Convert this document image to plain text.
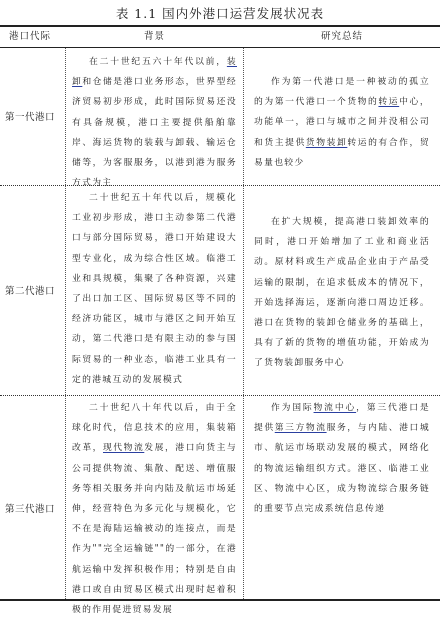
表 1.1 国内外港口运营发展状况表
港口代际	背景	研究总结
第一代港口
第二代港口
第三代港口
在二十世纪五六十年代以前，装卸和仓储是港口业务形态，世界型经济贸易初步形成，此时国际贸易还没有具备规模，港口主要提供船舶靠岸、海运货物的装载与卸载、输运仓储等，为客服服务，以港到港为服务方式为主
作为第一代港口是一种被动的孤立的为第一代港口一个货物的转运中心，功能单一，港口与城市之间并没相公司和货主提供货物装卸转运的有合作，贸易量也较少
二十世纪五十年代以后，规模化工业初步形成，港口主动参第二代港口与部分国际贸易，港口开始建设大型专业化，成为综合性区域。临港工业和具规模，集聚了各种资源，兴建了出口加工区、国际贸易区等不同的经济功能区，城市与港区之间开始互动，第二代港口是有限主动的参与国际贸易的一种业态，临港工业具有一定的港城互动的发展模式
在扩大规模，提高港口装卸效率的同时，港口开始增加了工业和商业活动。原材料或生产成品企业由于产品受运输的限制，在追求低成本的情况下，开始选择海运，逐渐向港口周边迁移。港口在货物的装卸仓储业务的基础上，具有了新的货物的增值功能，开始成为了货物装卸服务中心
二十世纪八十年代以后，由于全球化时代，信息技术的应用，集装箱改革，现代物流发展，港口向货主与公司提供物流、集散、配送、增值服务等相关服务并向内陆及航运市场延伸，经营特色为多元化与规模化，它不在是海陆运输被动的连接点，而是作为""完全运输链""的一部分，在港航运输中发挥积极作用；特别是自由港口或自由贸易区模式出现时起着积极的作用促进贸易发展
作为国际物流中心，第三代港口是提供第三方物流服务，与内陆、港口城市、航运市场联动发展的模式，网络化的物流运输组织方式。港区、临港工业区、物流中心区，成为物流综合服务链的重要节点完成系统信息传递
